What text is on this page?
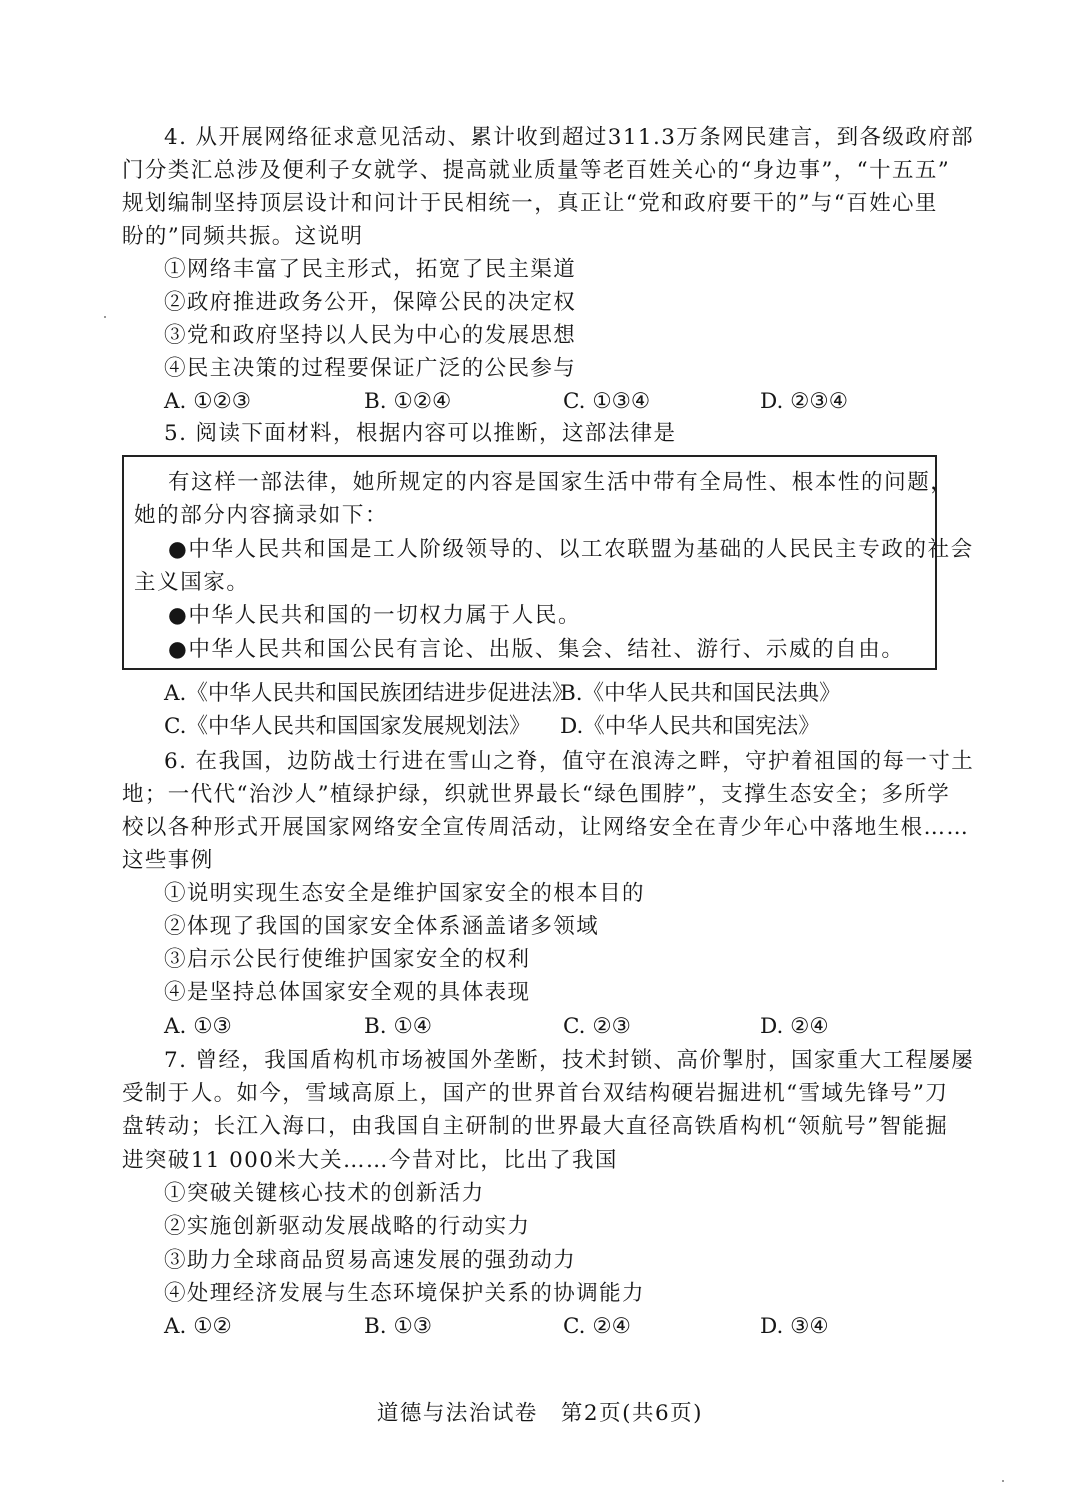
4. 从开展网络征求意见活动、累计收到超过311.3万条网民建言，到各级政府部
门分类汇总涉及便利子女就学、提高就业质量等老百姓关心的“身边事”，“十五五”
规划编制坚持顶层设计和问计于民相统一，真正让“党和政府要干的”与“百姓心里
盼的”同频共振。这说明
①网络丰富了民主形式，拓宽了民主渠道
②政府推进政务公开，保障公民的决定权
③党和政府坚持以人民为中心的发展思想
④民主决策的过程要保证广泛的公民参与
A. ①②③	B. ①②④	C. ①③④	D. ②③④
5. 阅读下面材料，根据内容可以推断，这部法律是
有这样一部法律，她所规定的内容是国家生活中带有全局性、根本性的问题，
她的部分内容摘录如下：
●中华人民共和国是工人阶级领导的、以工农联盟为基础的人民民主专政的社会
主义国家。
●中华人民共和国的一切权力属于人民。
●中华人民共和国公民有言论、出版、集会、结社、游行、示威的自由。
A.《中华人民共和国民族团结进步促进法》
B.《中华人民共和国民法典》
C.《中华人民共和国国家发展规划法》 D.《中华人民共和国宪法》
6. 在我国，边防战士行进在雪山之脊，值守在浪涛之畔，守护着祖国的每一寸土
地；一代代“治沙人”植绿护绿，织就世界最长“绿色围脖”，支撑生态安全；多所学
校以各种形式开展国家网络安全宣传周活动，让网络安全在青少年心中落地生根……
这些事例
①说明实现生态安全是维护国家安全的根本目的
②体现了我国的国家安全体系涵盖诸多领域
③启示公民行使维护国家安全的权利
④是坚持总体国家安全观的具体表现
A. ①③	B. ①④	C. ②③	D. ②④
7. 曾经，我国盾构机市场被国外垄断，技术封锁、高价掣肘，国家重大工程屡屡
受制于人。如今，雪域高原上，国产的世界首台双结构硬岩掘进机“雪域先锋号”刀
盘转动；长江入海口，由我国自主研制的世界最大直径高铁盾构机“领航号”智能掘
进突破11 000米大关……今昔对比，比出了我国
①突破关键核心技术的创新活力
②实施创新驱动发展战略的行动实力
③助力全球商品贸易高速发展的强劲动力
④处理经济发展与生态环境保护关系的协调能力
A. ①②	B. ①③	C. ②④	D. ③④
道德与法治试卷　第2页(共6页)
